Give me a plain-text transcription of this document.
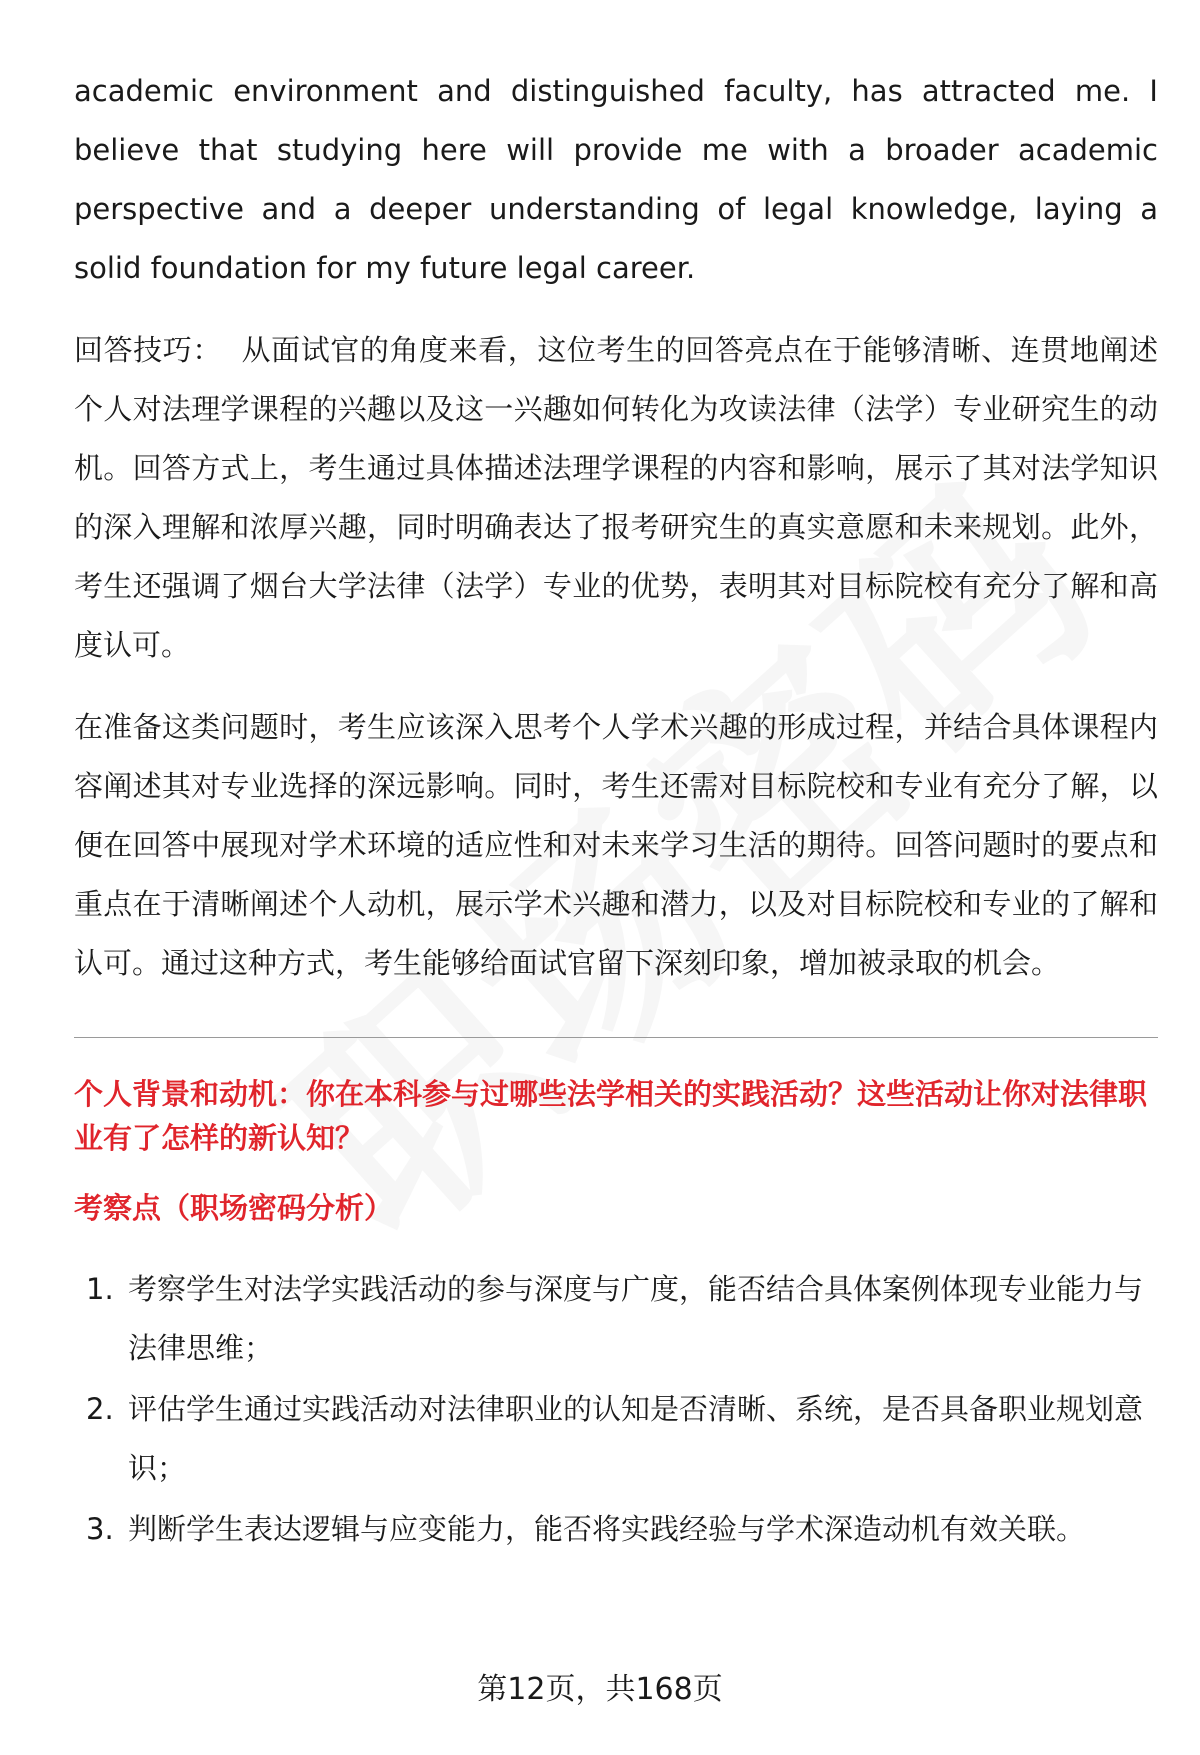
academic environment and distinguished faculty, has attracted me. I believe that studying here will provide me with a broader academic perspective and a deeper understanding of legal knowledge, laying a solid foundation for my future legal career.

回答技巧： 从面试官的角度来看，这位考生的回答亮点在于能够清晰、连贯地阐述个人对法理学课程的兴趣以及这一兴趣如何转化为攻读法律（法学）专业研究生的动机。回答方式上，考生通过具体描述法理学课程的内容和影响，展示了其对法学知识的深入理解和浓厚兴趣，同时明确表达了报考研究生的真实意愿和未来规划。此外，考生还强调了烟台大学法律（法学）专业的优势，表明其对目标院校有充分了解和高度认可。

在准备这类问题时，考生应该深入思考个人学术兴趣的形成过程，并结合具体课程内容阐述其对专业选择的深远影响。同时，考生还需对目标院校和专业有充分了解，以便在回答中展现对学术环境的适应性和对未来学习生活的期待。回答问题时的要点和重点在于清晰阐述个人动机，展示学术兴趣和潜力，以及对目标院校和专业的了解和认可。通过这种方式，考生能够给面试官留下深刻印象，增加被录取的机会。

个人背景和动机：你在本科参与过哪些法学相关的实践活动？这些活动让你对法律职业有了怎样的新认知？

考察点（职场密码分析）

1. 考察学生对法学实践活动的参与深度与广度，能否结合具体案例体现专业能力与法律思维；
2. 评估学生通过实践活动对法律职业的认知是否清晰、系统，是否具备职业规划意识；
3. 判断学生表达逻辑与应变能力，能否将实践经验与学术深造动机有效关联。
第12页，共168页
